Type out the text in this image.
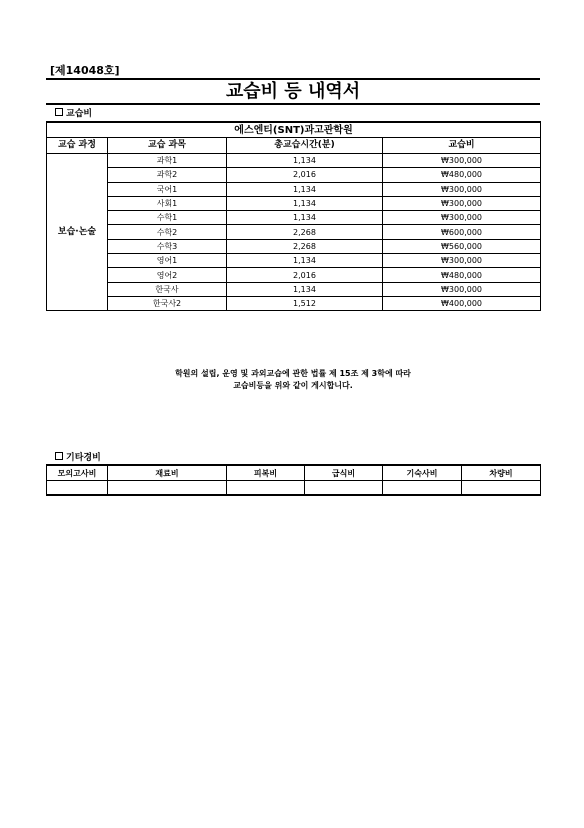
[제14048호]
교습비 등 내역서
교습비
에스엔티(SNT)과고관학원			
교습 과정	교습 과목	총교습시간(분)	교습비
보습·논술	과학1	1,134	₩300,000
	과학2	2,016	₩480,000
	국어1	1,134	₩300,000
	사회1	1,134	₩300,000
	수학1	1,134	₩300,000
	수학2	2,268	₩600,000
	수학3	2,268	₩560,000
	영어1	1,134	₩300,000
	영어2	2,016	₩480,000
	한국사	1,134	₩300,000
	한국사2	1,512	₩400,000
학원의 설립, 운영 및 과외교습에 관한 법률 제 15조 제 3학에 따라
교습비등을 위와 같이 게시합니다.
기타경비
모의고사비	재료비	피복비	급식비	기숙사비	차량비
